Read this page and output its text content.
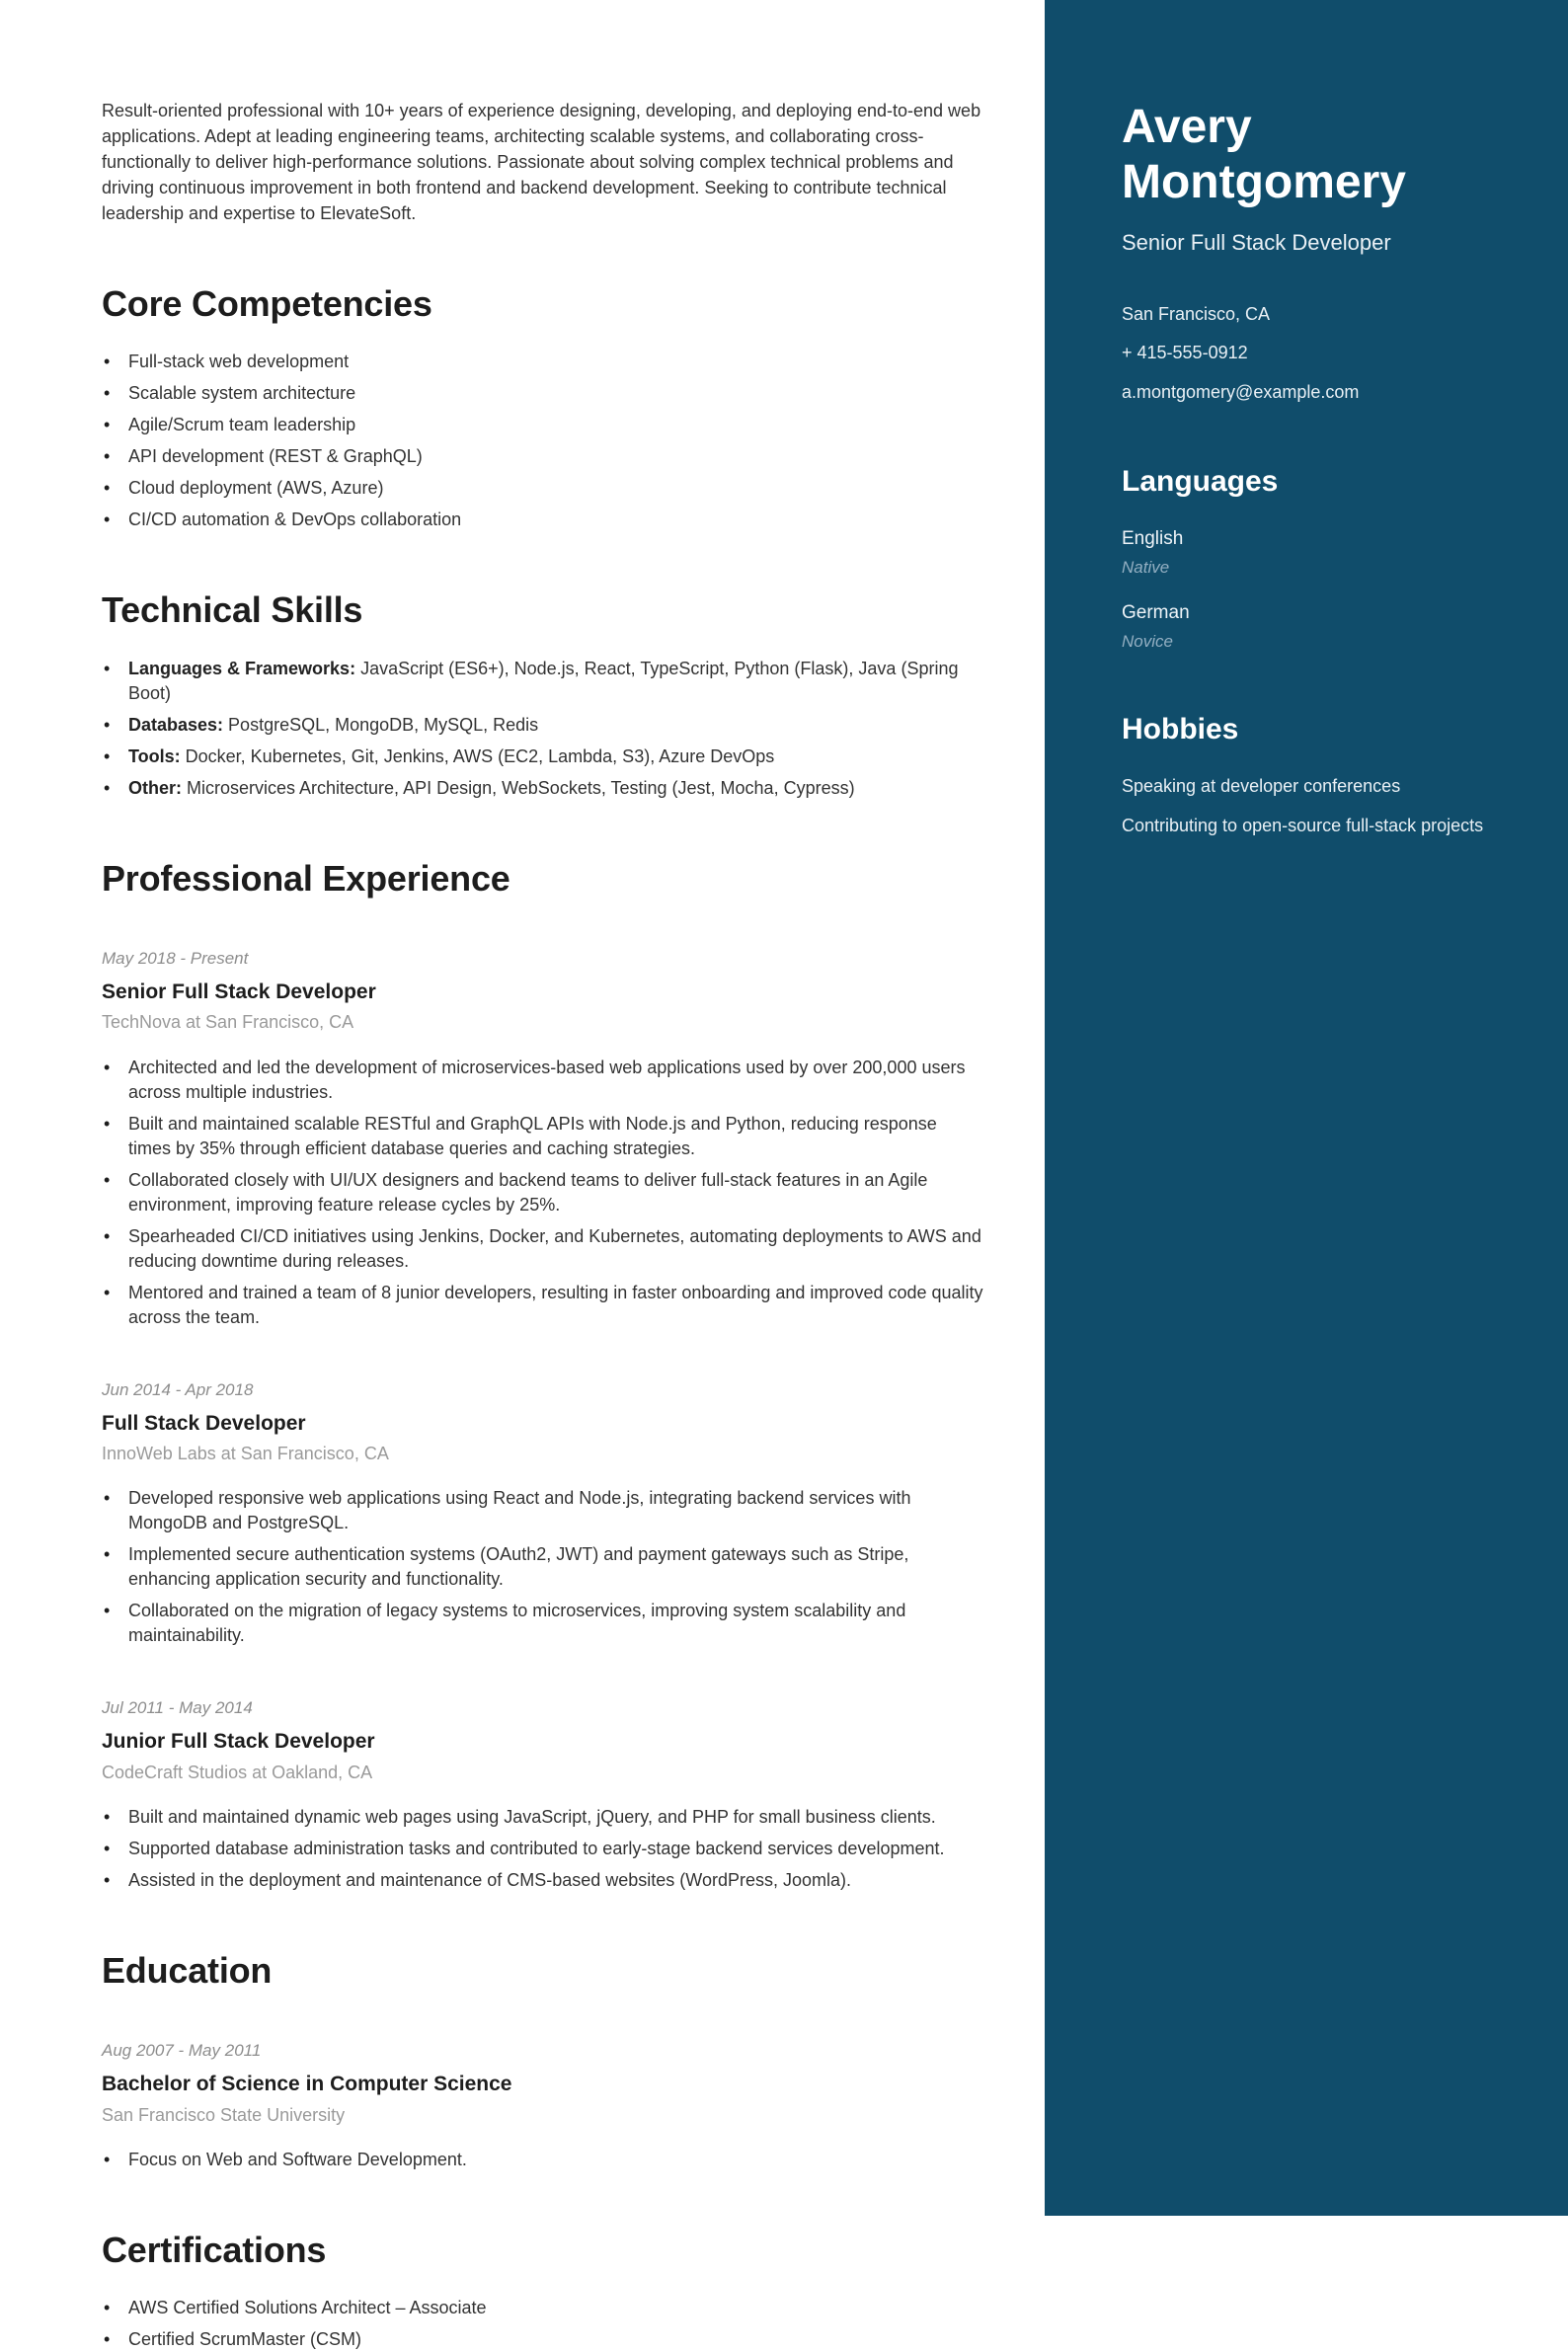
Result-oriented professional with 10+ years of experience designing, developing, and deploying end-to-end web applications. Adept at leading engineering teams, architecting scalable systems, and collaborating cross-functionally to deliver high-performance solutions. Passionate about solving complex technical problems and driving continuous improvement in both frontend and backend development. Seeking to contribute technical leadership and expertise to ElevateSoft.

Core Competencies
• Full-stack web development
• Scalable system architecture
• Agile/Scrum team leadership
• API development (REST & GraphQL)
• Cloud deployment (AWS, Azure)
• CI/CD automation & DevOps collaboration
Technical Skills
• Languages & Frameworks: JavaScript (ES6+), Node.js, React, TypeScript, Python (Flask), Java (Spring Boot)
• Databases: PostgreSQL, MongoDB, MySQL, Redis
• Tools: Docker, Kubernetes, Git, Jenkins, AWS (EC2, Lambda, S3), Azure DevOps
• Other: Microservices Architecture, API Design, WebSockets, Testing (Jest, Mocha, Cypress)
Professional Experience
May 2018 - Present
Senior Full Stack Developer
TechNova at San Francisco, CA
• Architected and led the development of microservices-based web applications used by over 200,000 users across multiple industries.
• Built and maintained scalable RESTful and GraphQL APIs with Node.js and Python, reducing response times by 35% through efficient database queries and caching strategies.
• Collaborated closely with UI/UX designers and backend teams to deliver full-stack features in an Agile environment, improving feature release cycles by 25%.
• Spearheaded CI/CD initiatives using Jenkins, Docker, and Kubernetes, automating deployments to AWS and reducing downtime during releases.
• Mentored and trained a team of 8 junior developers, resulting in faster onboarding and improved code quality across the team.
Jun 2014 - Apr 2018
Full Stack Developer
InnoWeb Labs at San Francisco, CA
• Developed responsive web applications using React and Node.js, integrating backend services with MongoDB and PostgreSQL.
• Implemented secure authentication systems (OAuth2, JWT) and payment gateways such as Stripe, enhancing application security and functionality.
• Collaborated on the migration of legacy systems to microservices, improving system scalability and maintainability.
Jul 2011 - May 2014
Junior Full Stack Developer
CodeCraft Studios at Oakland, CA
• Built and maintained dynamic web pages using JavaScript, jQuery, and PHP for small business clients.
• Supported database administration tasks and contributed to early-stage backend services development.
• Assisted in the deployment and maintenance of CMS-based websites (WordPress, Joomla).
Education
Aug 2007 - May 2011
Bachelor of Science in Computer Science
San Francisco State University
• Focus on Web and Software Development.
Certifications
• AWS Certified Solutions Architect – Associate
• Certified ScrumMaster (CSM)
Avery Montgomery
Senior Full Stack Developer
San Francisco, CA
+ 415-555-0912
a.montgomery@example.com
Languages
English
Native
German
Novice
Hobbies
Speaking at developer conferences
Contributing to open-source full-stack projects
